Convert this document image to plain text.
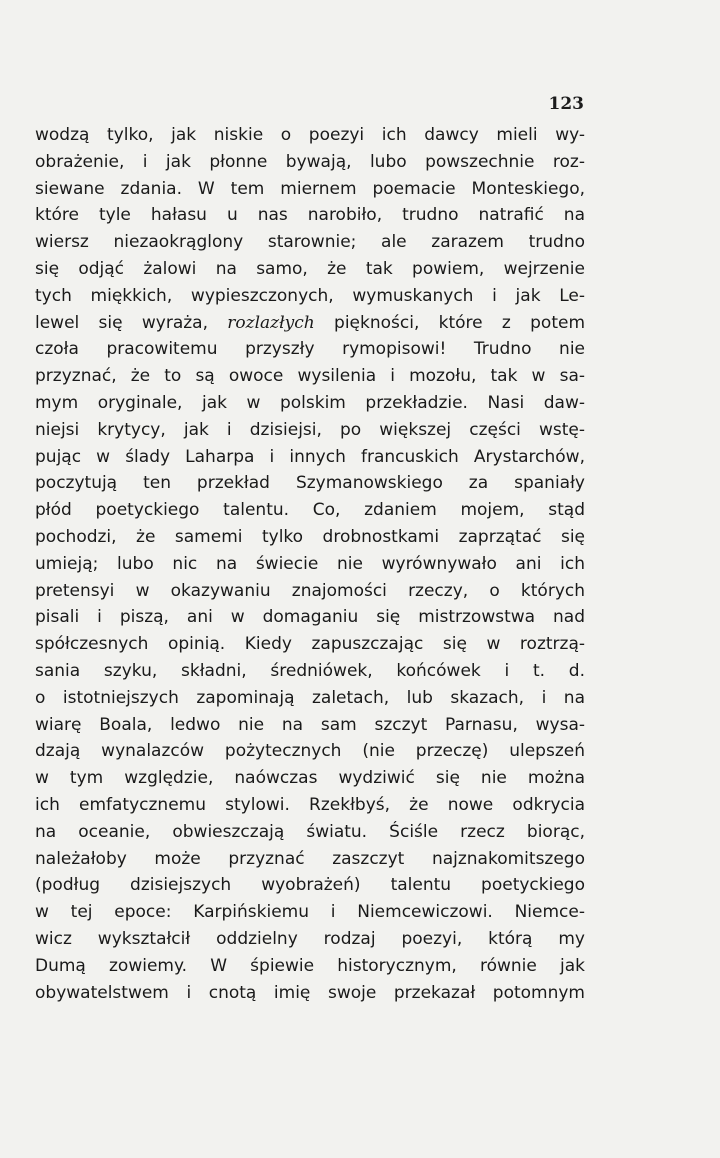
123
wodzą tylko, jak niskie o poezyi ich dawcy mieli wy-
obrażenie, i jak płonne bywają, lubo powszechnie roz-
siewane zdania. W tem miernem poemacie Monteskiego,
które tyle hałasu u nas narobiło, trudno natrafić na
wiersz niezaokrąglony starownie; ale zarazem trudno
się odjąć żalowi na samo, że tak powiem, wejrzenie
tych miękkich, wypieszczonych, wymuskanych i jak Le-
lewel się wyraża, rozlazłych piękności, które z potem
czoła pracowitemu przyszły rymopisowi! Trudno nie
przyznać, że to są owoce wysilenia i mozołu, tak w sa-
mym oryginale, jak w polskim przekładzie. Nasi daw-
niejsi krytycy, jak i dzisiejsi, po większej części wstę-
pując w ślady Laharpa i innych francuskich Arystarchów,
poczytują ten przekład Szymanowskiego za spaniały
płód poetyckiego talentu. Co, zdaniem mojem, stąd
pochodzi, że samemi tylko drobnostkami zaprzątać się
umieją; lubo nic na świecie nie wyrównywało ani ich
pretensyi w okazywaniu znajomości rzeczy, o których
pisali i piszą, ani w domaganiu się mistrzowstwa nad
spółczesnych opinią. Kiedy zapuszczając się w roztrzą-
sania szyku, składni, średniówek, końcówek i t. d.
o istotniejszych zapominają zaletach, lub skazach, i na
wiarę Boala, ledwo nie na sam szczyt Parnasu, wysa-
dzają wynalazców pożytecznych (nie przeczę) ulepszeń
w tym względzie, naówczas wydziwić się nie można
ich emfatycznemu stylowi. Rzekłbyś, że nowe odkrycia
na oceanie, obwieszczają światu. Ściśle rzecz biorąc,
należałoby może przyznać zaszczyt najznakomitszego
(podług dzisiejszych wyobrażeń) talentu poetyckiego
w tej epoce: Karpińskiemu i Niemcewiczowi. Niemce-
wicz wykształcił oddzielny rodzaj poezyi, którą my
Dumą zowiemy. W śpiewie historycznym, równie jak
obywatelstwem i cnotą imię swoje przekazał potomnym
